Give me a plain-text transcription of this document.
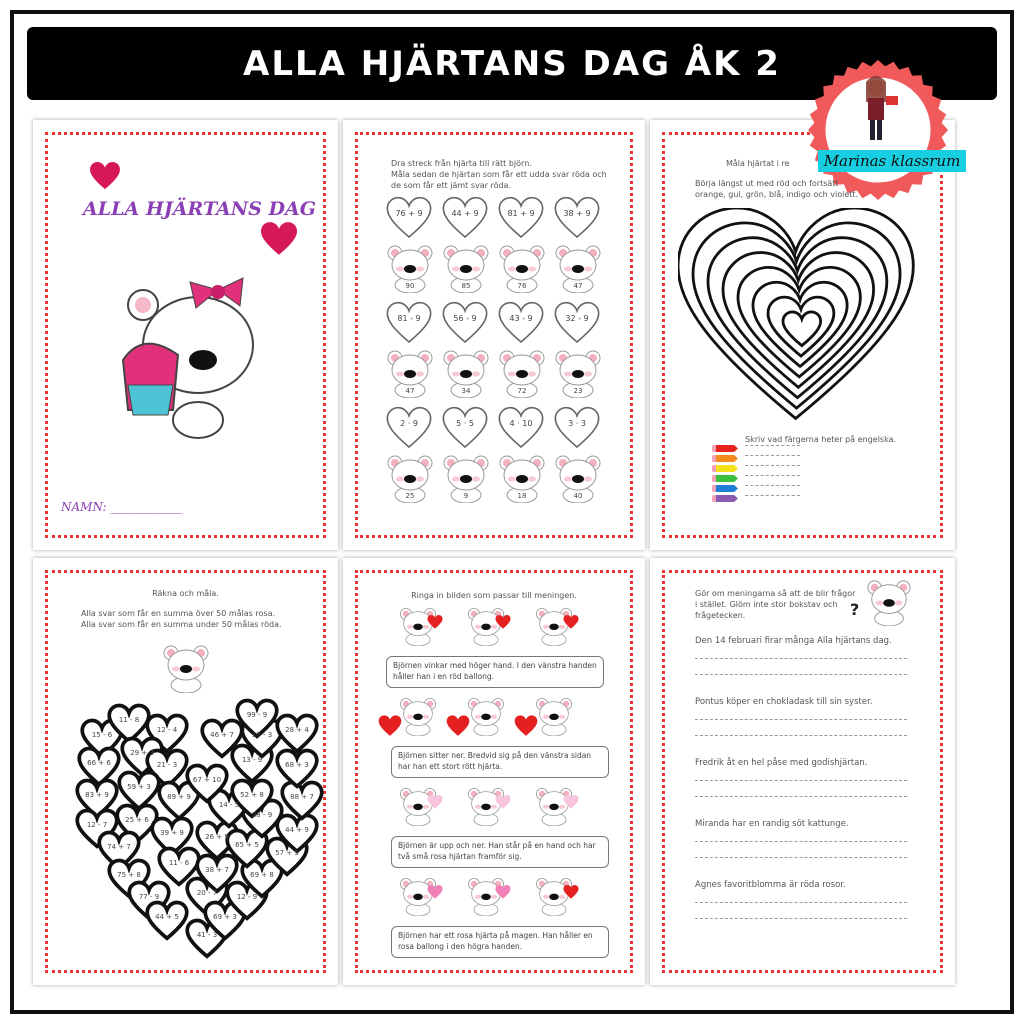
ALLA HJÄRTANS DAG ÅK 2
ALLA HJÄRTANS DAG
NAMN: ____________
Dra streck från hjärta till rätt björn.
Måla sedan de hjärtan som får ett udda svar röda och
de som får ett jämt svar röda.
76 + 9
90
44 + 9
85
81 + 9
76
38 + 9
47
81 - 9
47
56 - 9
34
43 - 9
72
32 - 9
23
2 · 9
25
5 · 5
9
4 · 10
18
3 · 3
40
Måla hjärtat i re
Börja längst ut med röd och fortsätt
orange, gul, grön, blå, indigo och violett.
Skriv vad färgerna heter på engelska.
Räkna och måla.
Alla svar som får en summa över 50 målas rosa.
Alla svar som får en summa under 50 målas röda.
15 - 6
11 - 8
12 - 4
29 + 3
66 + 6	21 - 3
59 + 3
83 + 9
25 + 6
89 + 9
12 - 7
39 + 9
74 + 7
11 - 6
75 + 8
77 - 9
44 + 5
41 - 3
20 - 7
69 + 3
12 - 9
38 + 7
69 + 8
26 + 9
65 + 5
57 + 9
44 + 9
28 - 9
14 - 5
67 + 10
52 + 8	88 + 7
13 - 9
68 + 3
17 - 3
46 + 7
99 - 9
28 + 4
Ringa in bilden som passar till meningen.
Björnen vinkar med höger hand. I den vänstra handen håller han i en röd ballong.
Björnen sitter ner. Bredvid sig på den vänstra sidan har han ett stort rött hjärta.
Björnen är upp och ner. Han står på en hand och har två små rosa hjärtan framför sig.
Björnen har ett rosa hjärta på magen. Han håller en rosa ballong i den högra handen.
Gör om meningarna så att de blir frågor
i stället. Glöm inte stor bokstav och
frågetecken.	?
Den 14 februari firar många Alla hjärtans dag.
Pontus köper en chokladask till sin syster.
Fredrik åt en hel påse med godishjärtan.
Miranda har en randig söt kattunge.
Agnes favoritblomma är röda rosor.
Marinas klassrum
